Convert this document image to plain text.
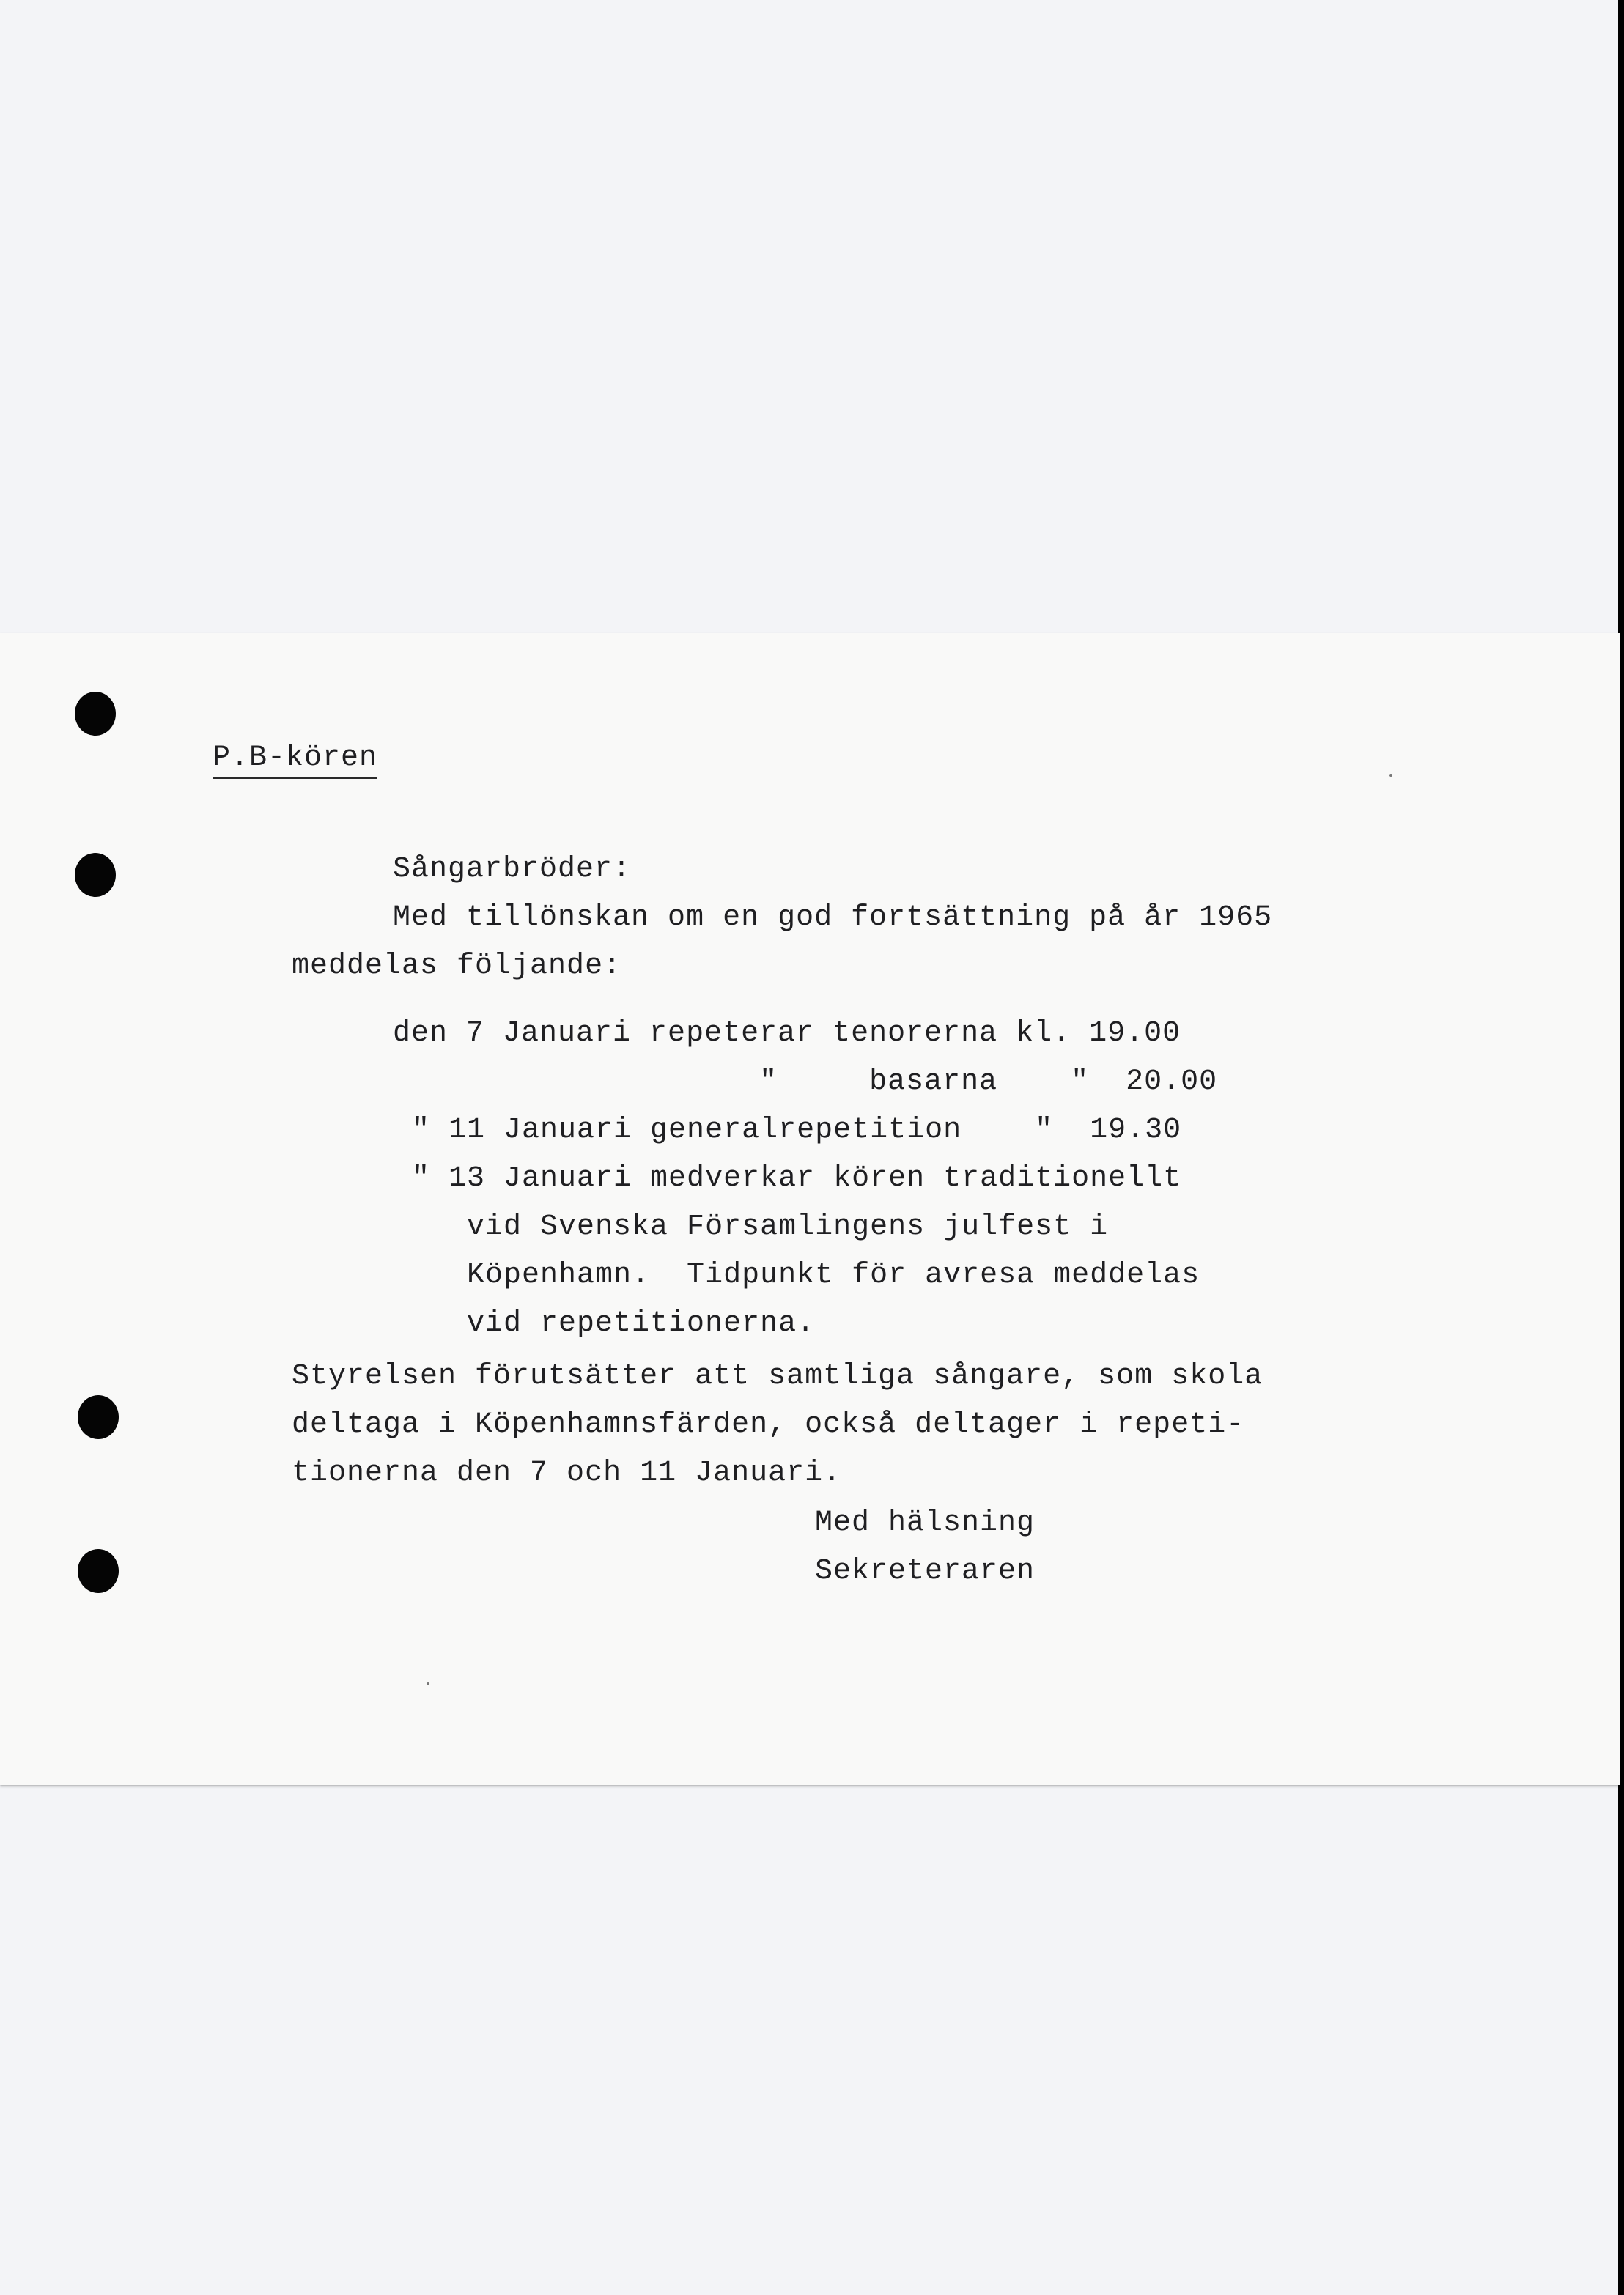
P.B-kören

Sångarbröder:

Med tillönskan om en god fortsättning på år 1965

meddelas följande:

den 7 Januari repeterar tenorerna kl. 19.00

"     basarna    "  20.00

" 11 Januari generalrepetition    "  19.30

" 13 Januari medverkar kören traditionellt

vid Svenska Församlingens julfest i

Köpenhamn.  Tidpunkt för avresa meddelas

vid repetitionerna.

Styrelsen förutsätter att samtliga sångare, som skola

deltaga i Köpenhamnsfärden, också deltager i repeti-

tionerna den 7 och 11 Januari.

Med hälsning

Sekreteraren
